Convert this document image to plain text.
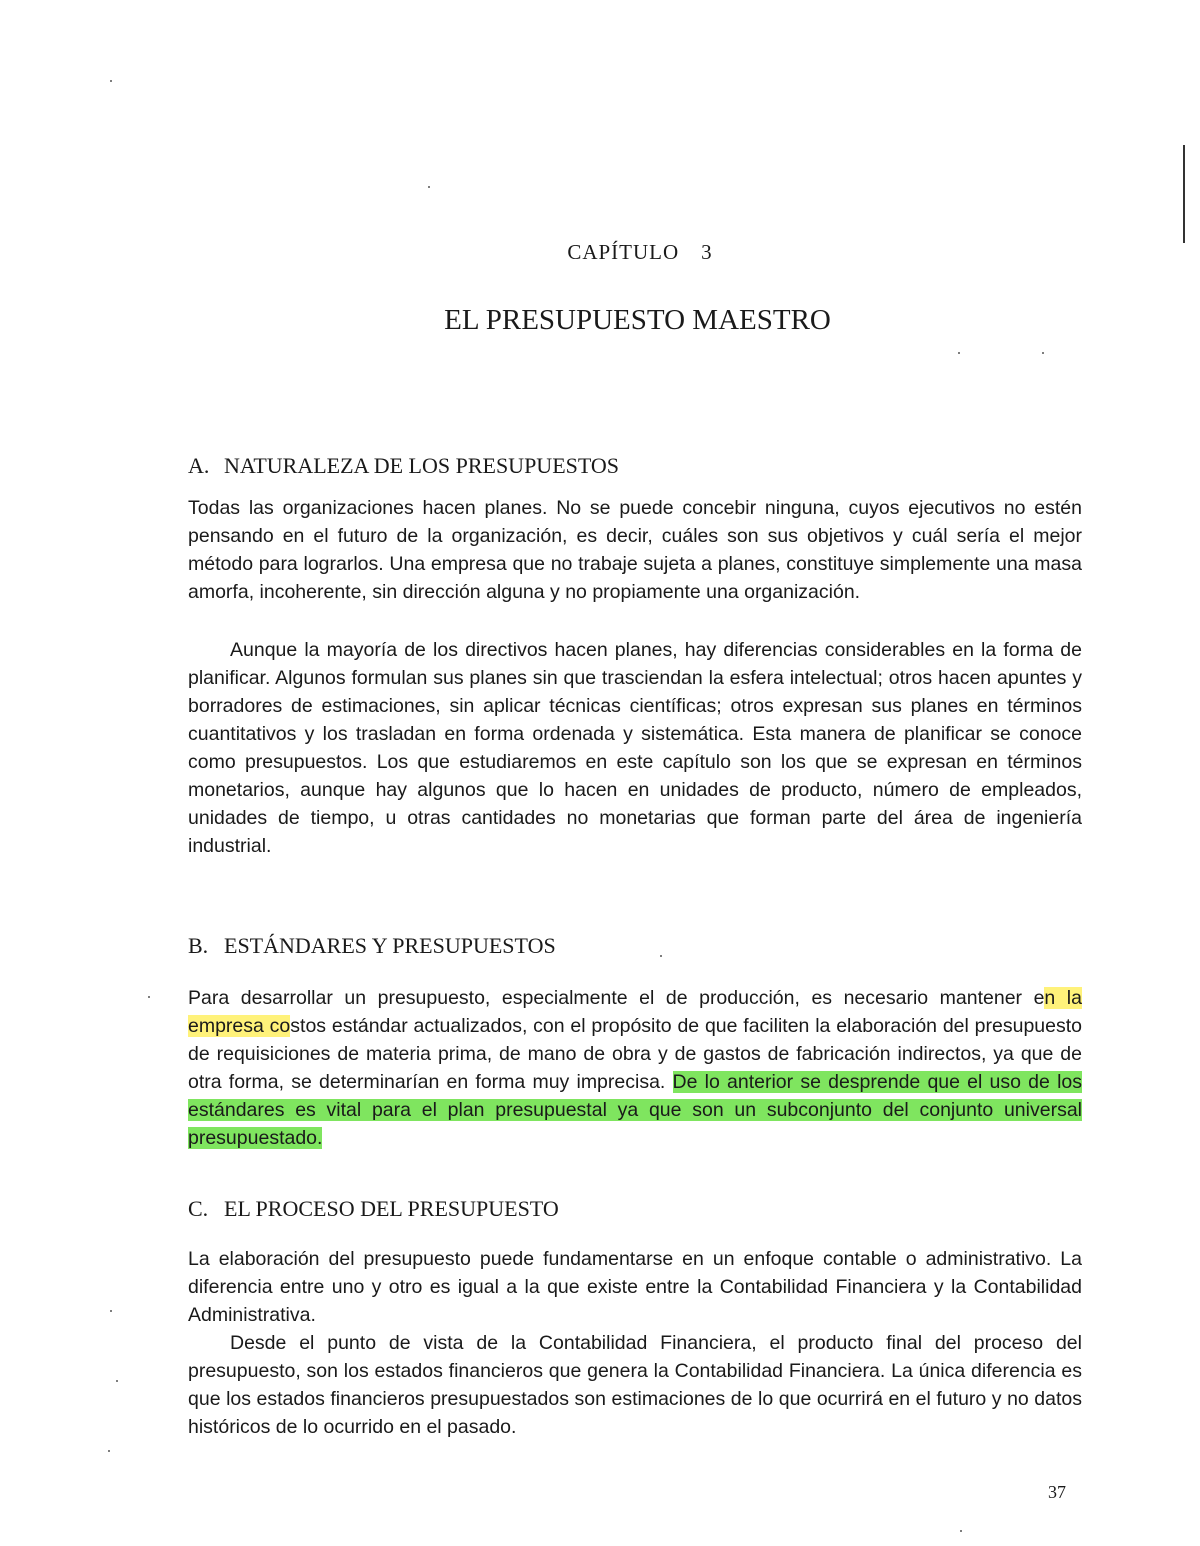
CAPÍTULO 3
EL PRESUPUESTO MAESTRO
A. NATURALEZA DE LOS PRESUPUESTOS

Todas las organizaciones hacen planes. No se puede concebir ninguna, cuyos ejecutivos no estén pensando en el futuro de la organización, es decir, cuáles son sus objetivos y cuál sería el mejor método para lograrlos. Una empresa que no trabaje sujeta a planes, constituye simplemente una masa amorfa, incoherente, sin dirección alguna y no propiamente una organización.

Aunque la mayoría de los directivos hacen planes, hay diferencias considerables en la forma de planificar. Algunos formulan sus planes sin que trasciendan la esfera intelectual; otros hacen apuntes y borradores de estimaciones, sin aplicar técnicas científicas; otros expresan sus planes en términos cuantitativos y los trasladan en forma ordenada y sistemática. Esta manera de planificar se conoce como presupuestos. Los que estudiaremos en este capítulo son los que se expresan en términos monetarios, aunque hay algunos que lo hacen en unidades de producto, número de empleados, unidades de tiempo, u otras cantidades no monetarias que forman parte del área de ingeniería industrial.

B. ESTÁNDARES Y PRESUPUESTOS

Para desarrollar un presupuesto, especialmente el de producción, es necesario mantener en la empresa costos estándar actualizados, con el propósito de que faciliten la elaboración del presupuesto de requisiciones de materia prima, de mano de obra y de gastos de fabricación indirectos, ya que de otra forma, se determinarían en forma muy imprecisa. De lo anterior se desprende que el uso de los estándares es vital para el plan presupuestal ya que son un subconjunto del conjunto universal presupuestado.

C. EL PROCESO DEL PRESUPUESTO

La elaboración del presupuesto puede fundamentarse en un enfoque contable o administrativo. La diferencia entre uno y otro es igual a la que existe entre la Contabilidad Financiera y la Contabilidad Administrativa.

Desde el punto de vista de la Contabilidad Financiera, el producto final del proceso del presupuesto, son los estados financieros que genera la Contabilidad Financiera. La única diferencia es que los estados financieros presupuestados son estimaciones de lo que ocurrirá en el futuro y no datos históricos de lo ocurrido en el pasado.

37
